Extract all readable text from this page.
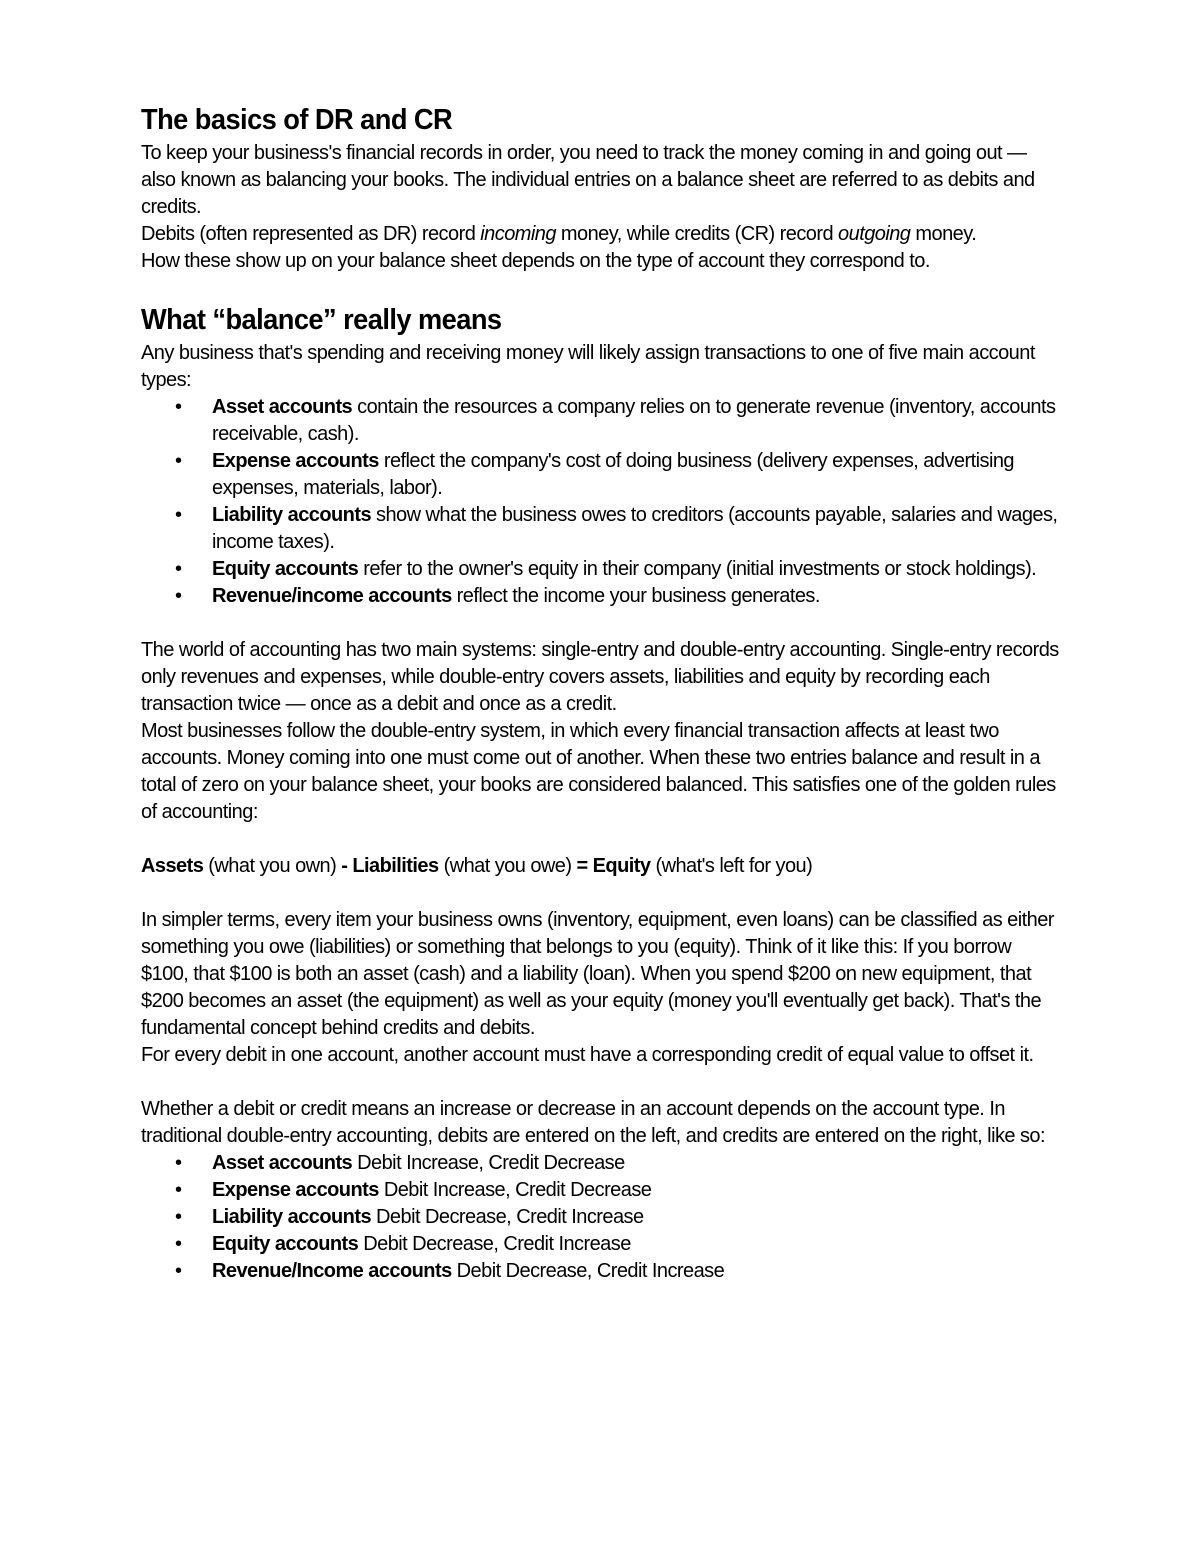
The basics of DR and CR

To keep your business's financial records in order, you need to track the money coming in and going out — also known as balancing your books. The individual entries on a balance sheet are referred to as debits and credits.

Debits (often represented as DR) record incoming money, while credits (CR) record outgoing money.

How these show up on your balance sheet depends on the type of account they correspond to.

What “balance” really means

Any business that's spending and receiving money will likely assign transactions to one of five main account types:

• Asset accounts contain the resources a company relies on to generate revenue (inventory, accounts receivable, cash).
• Expense accounts reflect the company's cost of doing business (delivery expenses, advertising expenses, materials, labor).
• Liability accounts show what the business owes to creditors (accounts payable, salaries and wages, income taxes).
• Equity accounts refer to the owner's equity in their company (initial investments or stock holdings).
• Revenue/income accounts reflect the income your business generates.

The world of accounting has two main systems: single-entry and double-entry accounting. Single-entry records only revenues and expenses, while double-entry covers assets, liabilities and equity by recording each transaction twice — once as a debit and once as a credit.

Most businesses follow the double-entry system, in which every financial transaction affects at least two accounts. Money coming into one must come out of another. When these two entries balance and result in a total of zero on your balance sheet, your books are considered balanced. This satisfies one of the golden rules of accounting:

Assets (what you own) - Liabilities (what you owe) = Equity (what's left for you)

In simpler terms, every item your business owns (inventory, equipment, even loans) can be classified as either something you owe (liabilities) or something that belongs to you (equity). Think of it like this: If you borrow $100, that $100 is both an asset (cash) and a liability (loan). When you spend $200 on new equipment, that $200 becomes an asset (the equipment) as well as your equity (money you'll eventually get back). That's the fundamental concept behind credits and debits.

For every debit in one account, another account must have a corresponding credit of equal value to offset it.

Whether a debit or credit means an increase or decrease in an account depends on the account type. In traditional double-entry accounting, debits are entered on the left, and credits are entered on the right, like so:

• Asset accounts Debit Increase, Credit Decrease
• Expense accounts Debit Increase, Credit Decrease
• Liability accounts Debit Decrease, Credit Increase
• Equity accounts Debit Decrease, Credit Increase
• Revenue/Income accounts Debit Decrease, Credit Increase
